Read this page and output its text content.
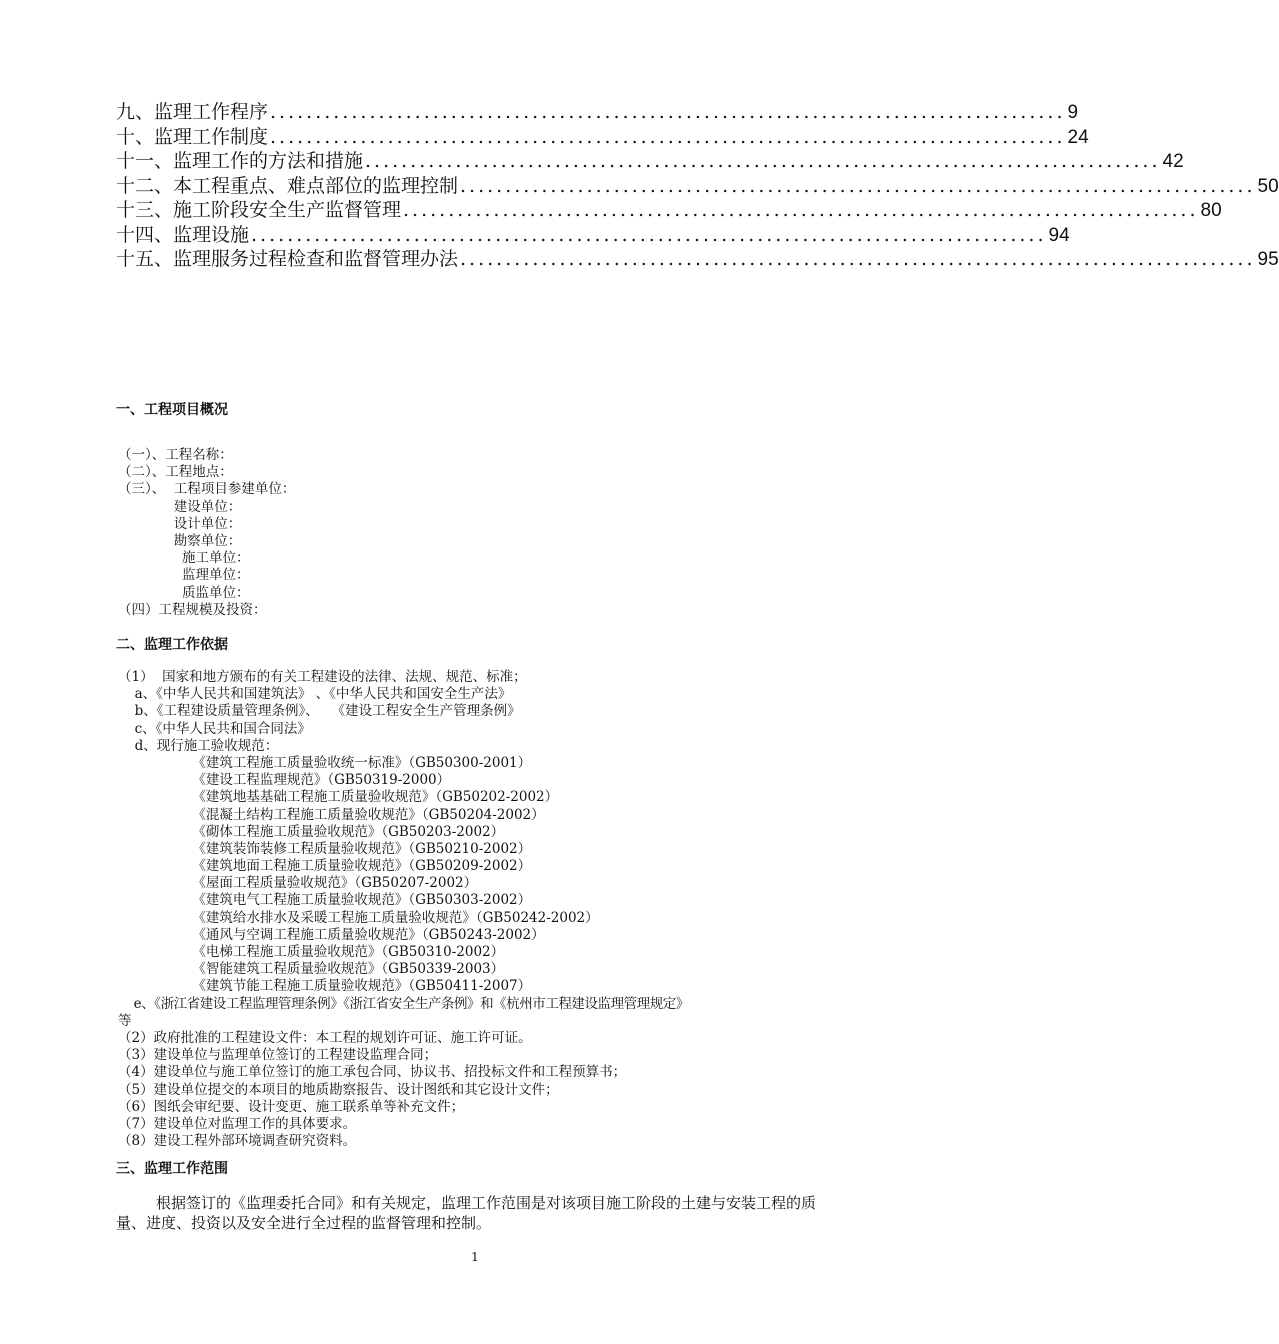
九、监理工作程序 ........................................................................................ 9
十、监理工作制度 ........................................................................................ 24
十一、监理工作的方法和措施 ........................................................................................ 42
十二、本工程重点、难点部位的监理控制 ........................................................................................ 50
十三、施工阶段安全生产监督管理 ........................................................................................ 80
十四、监理设施 ........................................................................................ 94
十五、监理服务过程检查和监督管理办法 ........................................................................................ 95
一、工程项目概况
（一）、工程名称：
（二）、工程地点：
（三）、  工程项目参建单位：
建设单位：
设计单位：
勘察单位：
施工单位：
监理单位：
质监单位：
（四）工程规模及投资：
二、监理工作依据
（1）  国家和地方颁布的有关工程建设的法律、法规、规范、标准；
a、《中华人民共和国建筑法》 、《中华人民共和国安全生产法》
b、《工程建设质量管理条例》、   《建设工程安全生产管理条例》
c、《中华人民共和国合同法》
d、现行施工验收规范：
《建筑工程施工质量验收统一标准》（GB50300-2001）
《建设工程监理规范》（GB50319-2000）
《建筑地基基础工程施工质量验收规范》（GB50202-2002）
《混凝土结构工程施工质量验收规范》（GB50204-2002）
《砌体工程施工质量验收规范》（GB50203-2002）
《建筑装饰装修工程质量验收规范》（GB50210-2002）
《建筑地面工程施工质量验收规范》（GB50209-2002）
《屋面工程质量验收规范》（GB50207-2002）
《建筑电气工程施工质量验收规范》（GB50303-2002）
《建筑给水排水及采暖工程施工质量验收规范》（GB50242-2002）
《通风与空调工程施工质量验收规范》（GB50243-2002）
《电梯工程施工质量验收规范》（GB50310-2002）
《智能建筑工程质量验收规范》（GB50339-2003）
《建筑节能工程施工质量验收规范》（GB50411-2007）
e、《浙江省建设工程监理管理条例》《浙江省安全生产条例》和《杭州市工程建设监理管理规定》
等
（2）政府批准的工程建设文件：本工程的规划许可证、施工许可证。
（3）建设单位与监理单位签订的工程建设监理合同；
（4）建设单位与施工单位签订的施工承包合同、协议书、招投标文件和工程预算书；
（5）建设单位提交的本项目的地质勘察报告、设计图纸和其它设计文件；
（6）图纸会审纪要、设计变更、施工联系单等补充文件；
（7）建设单位对监理工作的具体要求。
（8）建设工程外部环境调查研究资料。
三、监理工作范围

根据签订的《监理委托合同》和有关规定，监理工作范围是对该项目施工阶段的土建与安装工程的质量、进度、投资以及安全进行全过程的监督管理和控制。

1
